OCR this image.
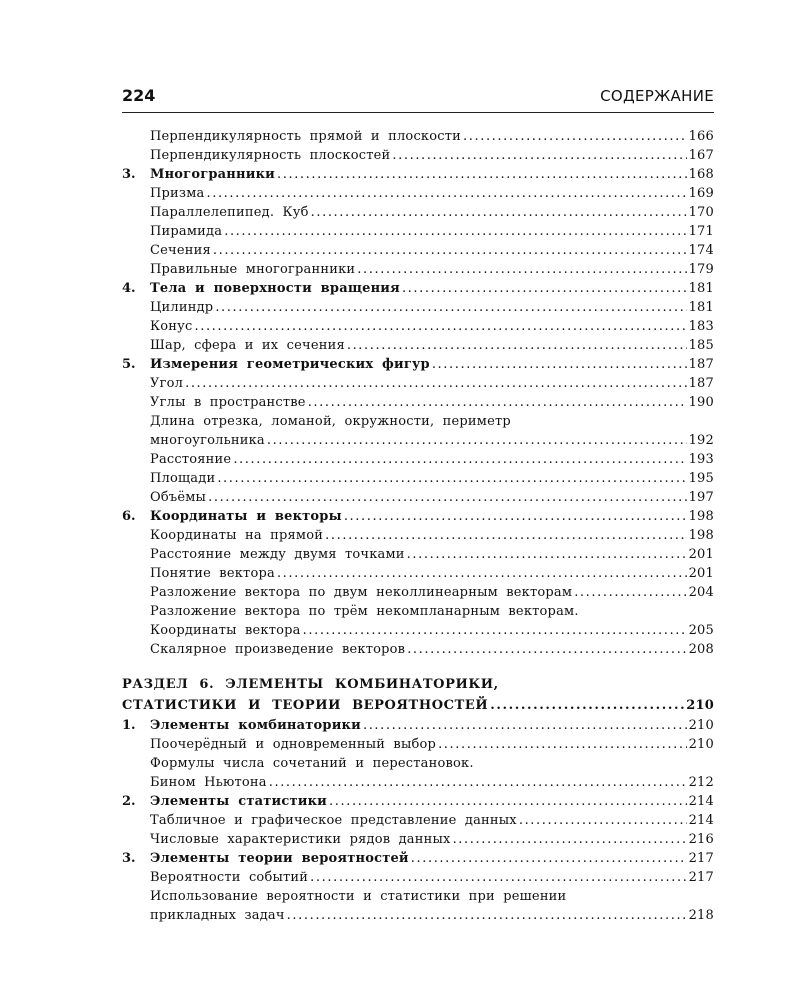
224	СОДЕРЖАНИЕ
Перпендикулярность прямой и плоскости .....	166
Перпендикулярность плоскостей .....	167
3. Многогранники .....	168
Призма .....	169
Параллелепипед. Куб .....	170
Пирамида .....	171
Сечения .....	174
Правильные многогранники .....	179
4. Тела и поверхности вращения .....	181
Цилиндр .....	181
Конус .....	183
Шар, сфера и их сечения .....	185
5. Измерения геометрических фигур .....	187
Угол .....	187
Углы в пространстве .....	190
Длина отрезка, ломаной, окружности, периметр
многоугольника .....	192
Расстояние .....	193
Площади .....	195
Объёмы .....	197
6. Координаты и векторы .....	198
Координаты на прямой .....	198
Расстояние между двумя точками .....	201
Понятие вектора .....	201
Разложение вектора по двум неколлинеарным векторам .....	204
Разложение вектора по трём некомпланарным векторам.
Координаты вектора .....	205
Скалярное произведение векторов .....	208
РАЗДЕЛ 6. ЭЛЕМЕНТЫ КОМБИНАТОРИКИ,
СТАТИСТИКИ И ТЕОРИИ ВЕРОЯТНОСТЕЙ .....	210
1. Элементы комбинаторики .....	210
Поочерёдный и одновременный выбор .....	210
Формулы числа сочетаний и перестановок.
Бином Ньютона .....	212
2. Элементы статистики .....	214
Табличное и графическое представление данных .....	214
Числовые характеристики рядов данных .....	216
3. Элементы теории вероятностей .....	217
Вероятности событий .....	217
Использование вероятности и статистики при решении
прикладных задач .....	218
